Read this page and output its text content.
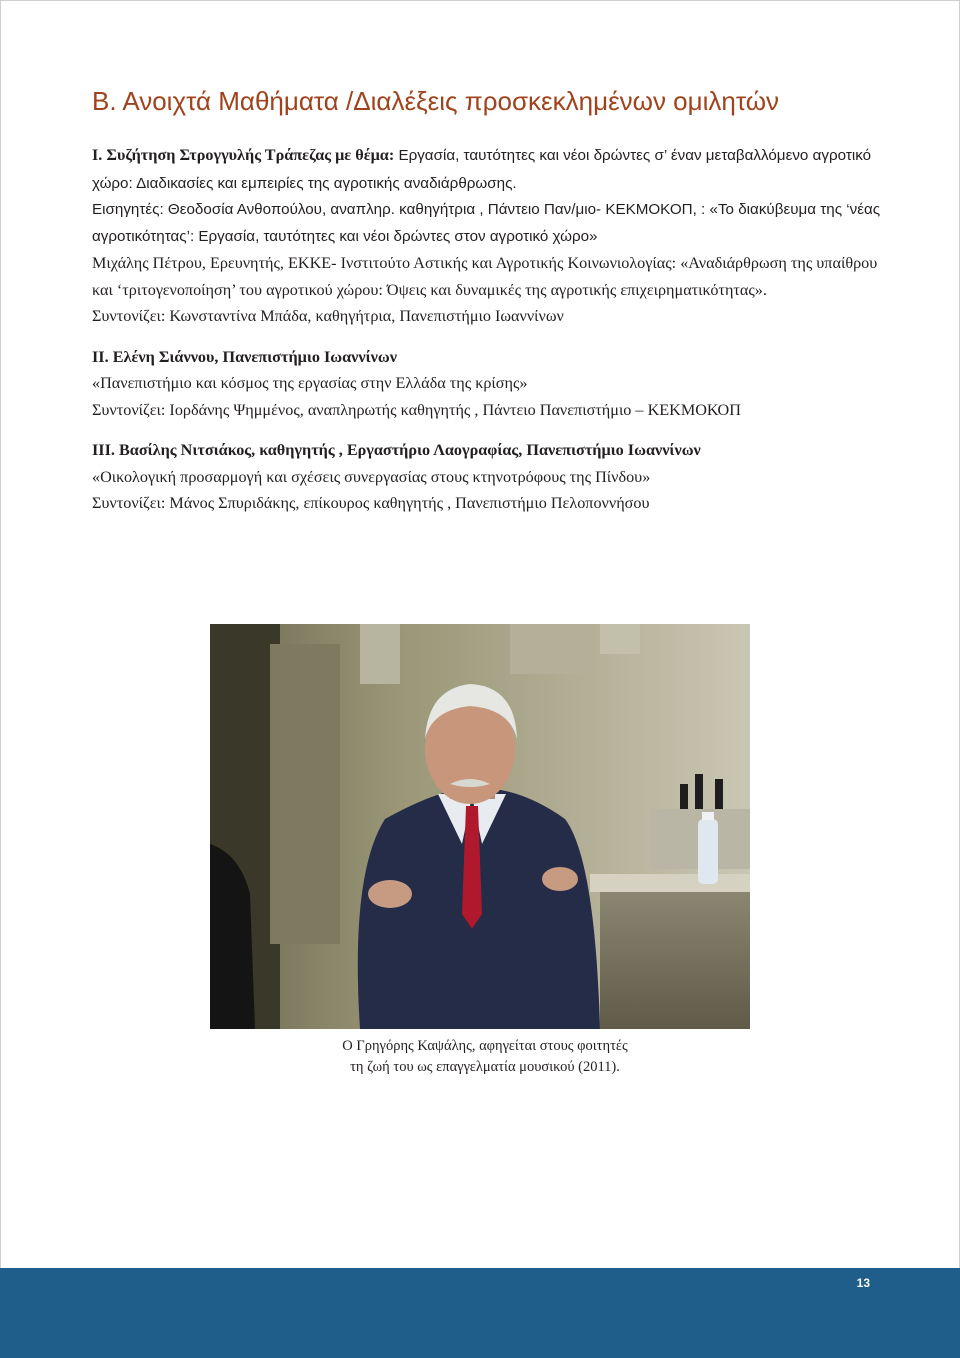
Β. Ανοιχτά Μαθήματα /Διαλέξεις προσκεκλημένων ομιλητών
Ι. Συζήτηση Στρογγυλής Τράπεζας με θέμα: Εργασία, ταυτότητες και νέοι δρώντες σ’ έναν μεταβαλλόμενο αγροτικό χώρο: Διαδικασίες και εμπειρίες της αγροτικής αναδιάρθρωσης.
Εισηγητές: Θεοδοσία Ανθοπούλου, αναπληρ. καθηγήτρια , Πάντειο Παν/μιο- ΚΕΚΜΟΚΟΠ, : «Το διακύβευμα της ‘νέας αγροτικότητας’: Εργασία, ταυτότητες και νέοι δρώντες στον αγροτικό χώρο»
Μιχάλης Πέτρου, Ερευνητής, ΕΚΚΕ- Ινστιτούτο Αστικής και Αγροτικής Κοινωνιολογίας: «Αναδιάρθρωση της υπαίθρου και ‘τριτογενοποίηση’ του αγροτικού χώρου: Όψεις και δυναμικές της αγροτικής επιχειρηματικότητας».
Συντονίζει: Κωνσταντίνα Μπάδα, καθηγήτρια, Πανεπιστήμιο Ιωαννίνων
ΙΙ. Ελένη Σιάννου, Πανεπιστήμιο Ιωαννίνων
«Πανεπιστήμιο και κόσμος της εργασίας στην Ελλάδα της κρίσης»
Συντονίζει: Ιορδάνης Ψημμένος, αναπληρωτής καθηγητής , Πάντειο Πανεπιστήμιο – ΚΕΚΜΟΚΟΠ
ΙΙΙ. Βασίλης Νιτσιάκος, καθηγητής , Εργαστήριο Λαογραφίας, Πανεπιστήμιο Ιωαννίνων
«Οικολογική προσαρμογή και σχέσεις συνεργασίας στους κτηνοτρόφους της Πίνδου»
Συντονίζει: Μάνος Σπυριδάκης, επίκουρος καθηγητής , Πανεπιστήμιο Πελοποννήσου
Ο Γρηγόρης Καψάλης, αφηγείται στους φοιτητές
τη ζωή του ως επαγγελματία μουσικού (2011).
13
